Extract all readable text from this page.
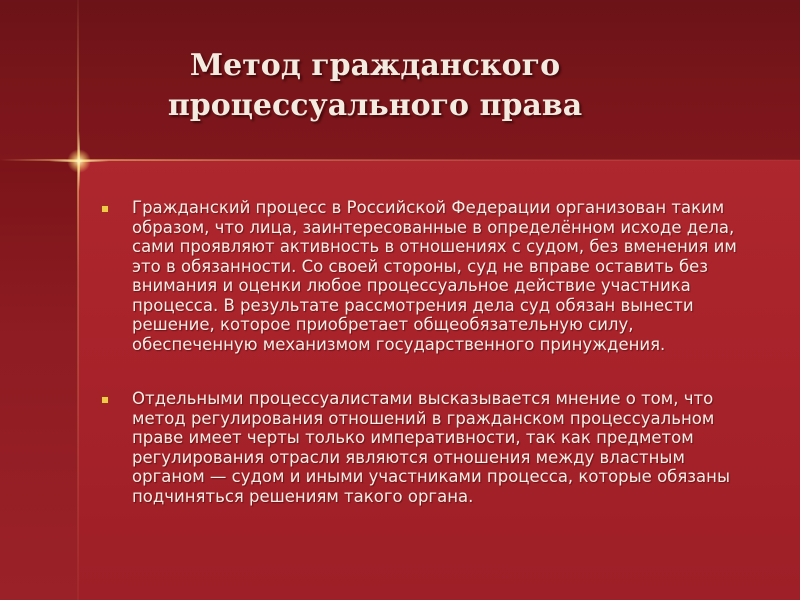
Метод гражданского
процессуального права
Гражданский процесс в Российской Федерации организован таким образом, что лица, заинтересованные в определённом исходе дела, сами проявляют активность в отношениях с судом, без вменения им это в обязанности. Со своей стороны, суд не вправе оставить без внимания и оценки любое процессуальное действие участника процесса. В результате рассмотрения дела суд обязан вынести решение, которое приобретает общеобязательную силу, обеспеченную механизмом государственного принуждения.
Отдельными процессуалистами высказывается мнение о том, что метод регулирования отношений в гражданском процессуальном праве имеет черты только императивности, так как предметом регулирования отрасли являются отношения между властным органом — судом и иными участниками процесса, которые обязаны подчиняться решениям такого органа.
